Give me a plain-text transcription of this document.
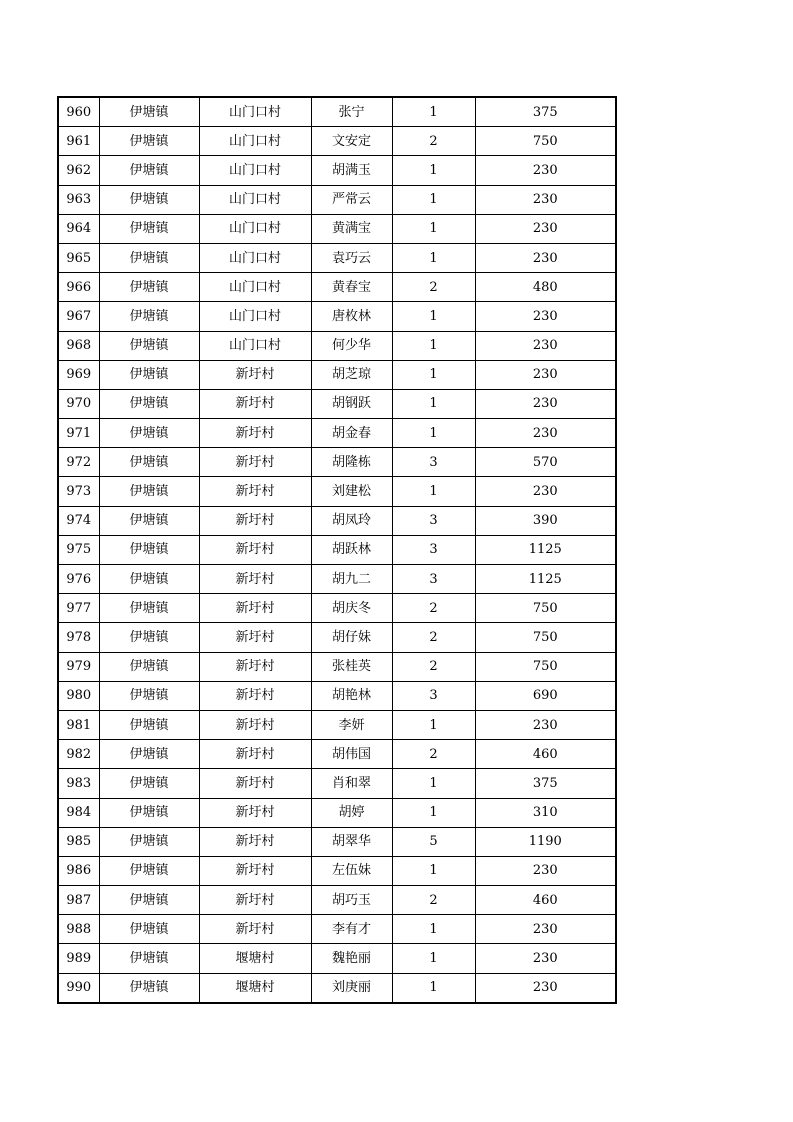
960	伊塘镇	山门口村	张宁	1	375
961	伊塘镇	山门口村	文安定	2	750
962	伊塘镇	山门口村	胡满玉	1	230
963	伊塘镇	山门口村	严常云	1	230
964	伊塘镇	山门口村	黄满宝	1	230
965	伊塘镇	山门口村	袁巧云	1	230
966	伊塘镇	山门口村	黄春宝	2	480
967	伊塘镇	山门口村	唐枚林	1	230
968	伊塘镇	山门口村	何少华	1	230
969	伊塘镇	新圩村	胡芝琼	1	230
970	伊塘镇	新圩村	胡钢跃	1	230
971	伊塘镇	新圩村	胡金春	1	230
972	伊塘镇	新圩村	胡隆栋	3	570
973	伊塘镇	新圩村	刘建松	1	230
974	伊塘镇	新圩村	胡凤玲	3	390
975	伊塘镇	新圩村	胡跃林	3	1125
976	伊塘镇	新圩村	胡九二	3	1125
977	伊塘镇	新圩村	胡庆冬	2	750
978	伊塘镇	新圩村	胡仔妹	2	750
979	伊塘镇	新圩村	张桂英	2	750
980	伊塘镇	新圩村	胡艳林	3	690
981	伊塘镇	新圩村	李妍	1	230
982	伊塘镇	新圩村	胡伟国	2	460
983	伊塘镇	新圩村	肖和翠	1	375
984	伊塘镇	新圩村	胡婷	1	310
985	伊塘镇	新圩村	胡翠华	5	1190
986	伊塘镇	新圩村	左伍妹	1	230
987	伊塘镇	新圩村	胡巧玉	2	460
988	伊塘镇	新圩村	李有才	1	230
989	伊塘镇	堰塘村	魏艳丽	1	230
990	伊塘镇	堰塘村	刘庚丽	1	230
